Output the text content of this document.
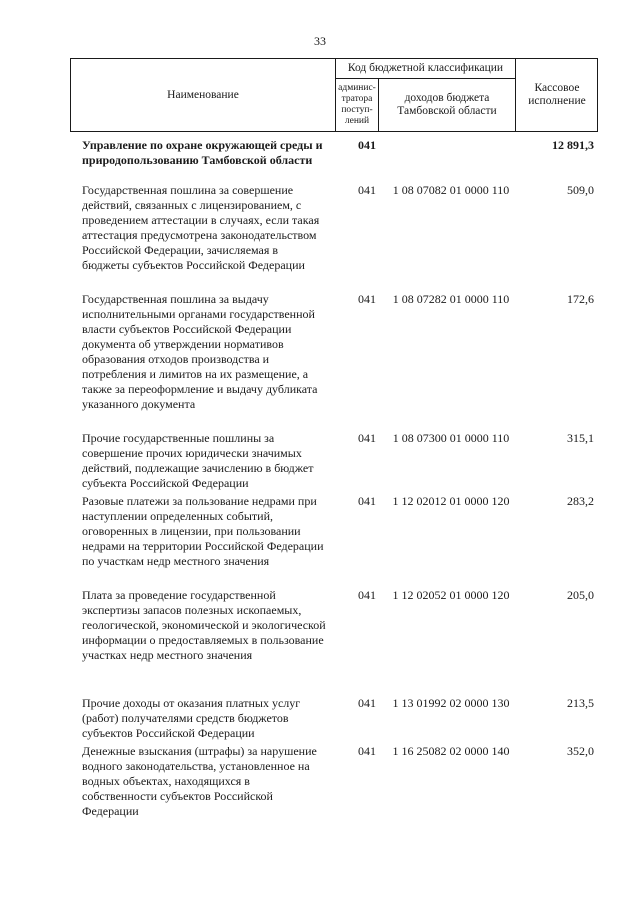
33
Наименование
Код бюджетной классификации
админис-тратора поступ-лений
доходов бюджета Тамбовской области
Кассовое исполнение
Управление по охране окружающей среды и природопользованию Тамбовской области
041	12 891,3
Государственная пошлина за совершение действий, связанных с лицензированием, с проведением аттестации в случаях, если такая аттестация предусмотрена законодательством Российской Федерации, зачисляемая в бюджеты субъектов Российской Федерации
041	1 08 07082 01 0000 110	509,0
Государственная пошлина за выдачу исполнительными органами государственной власти субъектов Российской Федерации документа об утверждении нормативов образования отходов производства и потребления и лимитов на их размещение, а также за переоформление и выдачу дубликата указанного документа
041	1 08 07282 01 0000 110	172,6
Прочие государственные пошлины за совершение прочих юридически значимых действий, подлежащие зачислению в бюджет субъекта Российской Федерации
041	1 08 07300 01 0000 110	315,1
Разовые платежи за пользование недрами при наступлении определенных событий, оговоренных в лицензии, при пользовании недрами на территории Российской Федерации по участкам недр местного значения
041	1 12 02012 01 0000 120	283,2
Плата за проведение государственной экспертизы запасов полезных ископаемых, геологической, экономической и экологической информации о предоставляемых в пользование участках недр местного значения
041	1 12 02052 01 0000 120	205,0
Прочие доходы от оказания платных услуг (работ) получателями средств бюджетов субъектов Российской Федерации
041	1 13 01992 02 0000 130	213,5
Денежные взыскания (штрафы) за нарушение водного законодательства, установленное на водных объектах, находящихся в собственности субъектов Российской Федерации
041	1 16 25082 02 0000 140	352,0
